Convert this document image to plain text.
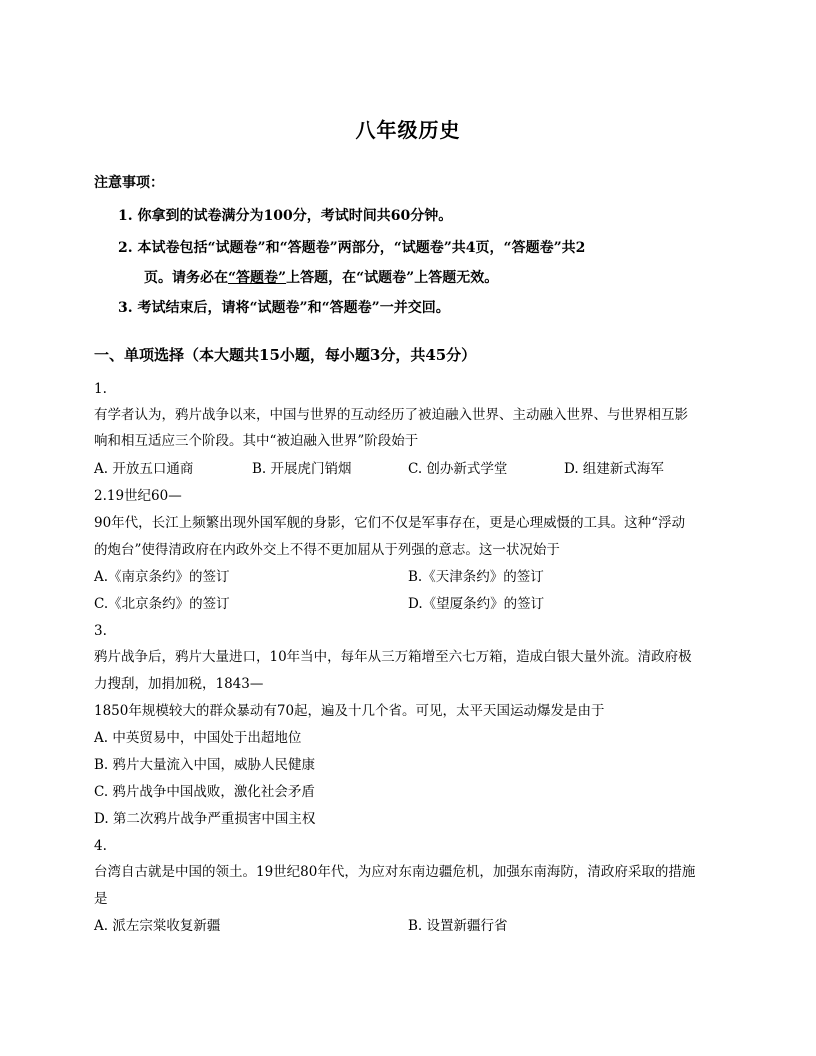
八年级历史
注意事项：
1. 你拿到的试卷满分为100分，考试时间共60分钟。
2. 本试卷包括“试题卷”和“答题卷”两部分，“试题卷”共4页，“答题卷”共2
页。请务必在“答题卷”上答题，在“试题卷”上答题无效。
3. 考试结束后，请将“试题卷”和“答题卷”一并交回。
一、单项选择（本大题共15小题，每小题3分，共45分）
1.
有学者认为，鸦片战争以来，中国与世界的互动经历了被迫融入世界、主动融入世界、与世界相互影
响和相互适应三个阶段。其中“被迫融入世界”阶段始于
A. 开放五口通商	B. 开展虎门销烟	C. 创办新式学堂	D. 组建新式海军
2.19世纪60—
90年代，长江上频繁出现外国军舰的身影，它们不仅是军事存在，更是心理威慑的工具。这种“浮动
的炮台”使得清政府在内政外交上不得不更加屈从于列强的意志。这一状况始于
A.《南京条约》的签订	B.《天津条约》的签订
C.《北京条约》的签订	D.《望厦条约》的签订
3.
鸦片战争后，鸦片大量进口，10年当中，每年从三万箱增至六七万箱，造成白银大量外流。清政府极
力搜刮，加捐加税，1843—
1850年规模较大的群众暴动有70起，遍及十几个省。可见，太平天国运动爆发是由于
A. 中英贸易中，中国处于出超地位
B. 鸦片大量流入中国，威胁人民健康
C. 鸦片战争中国战败，激化社会矛盾
D. 第二次鸦片战争严重损害中国主权
4.
台湾自古就是中国的领土。19世纪80年代，为应对东南边疆危机，加强东南海防，清政府采取的措施
是
A. 派左宗棠收复新疆	B. 设置新疆行省
